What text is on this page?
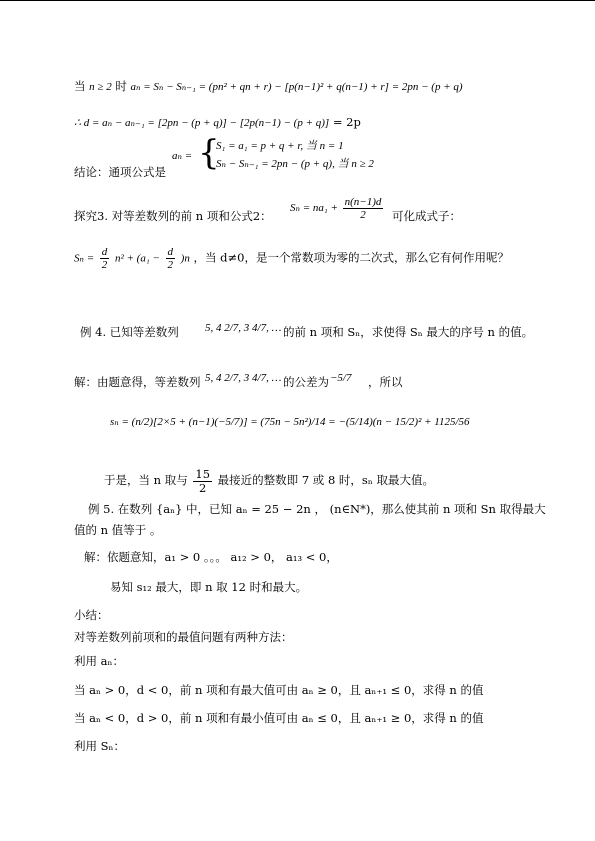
当 n ≥ 2 时 aₙ = Sₙ − Sₙ₋₁ = (pn² + qn + r) − [p(n−1)² + q(n−1) + r] = 2pn − (p + q)
∴ d = aₙ − aₙ₋₁ = [2pn − (p + q)] − [2p(n−1) − (p + q)] = 2p
结论：通项公式是
aₙ = {
S₁ = a₁ = p + q + r, 当 n = 1
Sₙ − Sₙ₋₁ = 2pn − (p + q), 当 n ≥ 2
探究3. 对等差数列的前 n 项和公式2：
$S_n = na_1 + \frac{n(n-1)d}{2}$ 可化成式子：
$S_n = \frac{d}{2} n^2 + (a_1 - \frac{d}{2} )n$ ，当 d≠0，是一个常数项为零的二次式，那么它有何作用呢？
例 4. 已知等差数列 5, 4 2/7, 3 4/7, … 的前 n 项和 Sₙ，求使得 Sₙ 最大的序号 n 的值。
解：由题意得，等差数列 5, 4 2/7, 3 4/7, … 的公差为 −5/7 ，所以
sₙ = (n/2)[2×5 + (n−1)(−5/7)] = (75n − 5n²)/14 = −(5/14)(n − 15/2)² + 1125/56
于是，当 n 取与 $\frac{15}{2}$ 最接近的整数即 7 或 8 时，sₙ 取最大值。
例 5. 在数列 {aₙ} 中，已知 aₙ = 25 − 2n ， (n∈N*)，那么使其前 n 项和 Sn 取得最大
值的 n 值等于 。
解：依题意知，a₁ > 0 。。。 a₁₂ > 0， a₁₃ < 0，
易知 s₁₂ 最大，即 n 取 12 时和最大。
小结：
对等差数列前项和的最值问题有两种方法：
利用 aₙ：
当 aₙ > 0，d < 0，前 n 项和有最大值可由 aₙ ≥ 0，且 aₙ₊₁ ≤ 0，求得 n 的值
当 aₙ < 0，d > 0，前 n 项和有最小值可由 aₙ ≤ 0，且 aₙ₊₁ ≥ 0，求得 n 的值
利用 Sₙ：
